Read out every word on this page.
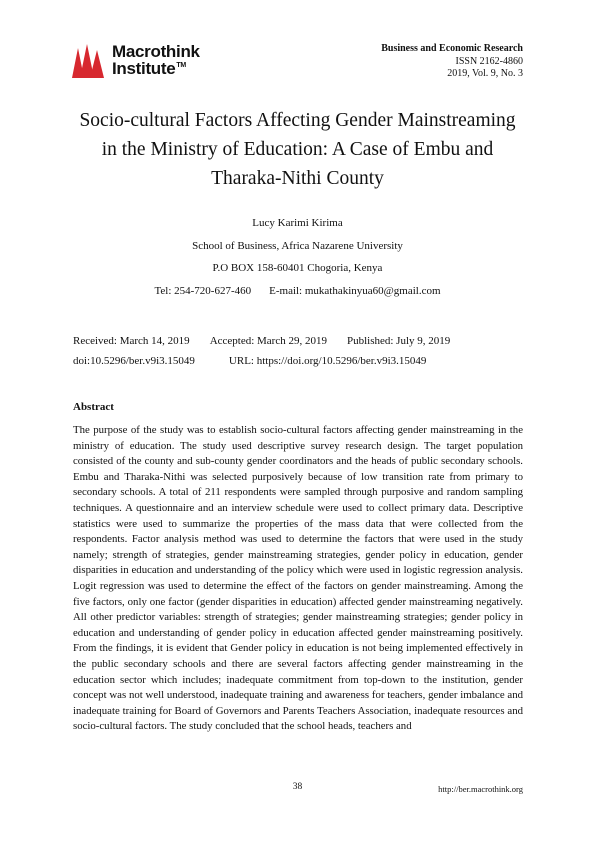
Macrothink
Institute™
Business and Economic Research
ISSN 2162-4860
2019, Vol. 9, No. 3
Socio-cultural Factors Affecting Gender Mainstreaming
in the Ministry of Education: A Case of Embu and
Tharaka-Nithi County
Lucy Karimi Kirima
School of Business, Africa Nazarene University
P.O BOX 158-60401 Chogoria, Kenya
Tel: 254-720-627-460 E-mail: mukathakinyua60@gmail.com
Received: March 14, 2019 Accepted: March 29, 2019 Published: July 9, 2019
doi:10.5296/ber.v9i3.15049	URL: https://doi.org/10.5296/ber.v9i3.15049
Abstract

The purpose of the study was to establish socio-cultural factors affecting gender mainstreaming in the ministry of education. The study used descriptive survey research design. The target population consisted of the county and sub-county gender coordinators and the heads of public secondary schools. Embu and Tharaka-Nithi was selected purposively because of low transition rate from primary to secondary schools. A total of 211 respondents were sampled through purposive and random sampling techniques. A questionnaire and an interview schedule were used to collect primary data. Descriptive statistics were used to summarize the properties of the mass data that were collected from the respondents. Factor analysis method was used to determine the factors that were used in the study namely; strength of strategies, gender mainstreaming strategies, gender policy in education, gender disparities in education and understanding of the policy which were used in logistic regression analysis. Logit regression was used to determine the effect of the factors on gender mainstreaming. Among the five factors, only one factor (gender disparities in education) affected gender mainstreaming negatively. All other predictor variables: strength of strategies; gender mainstreaming strategies; gender policy in education and understanding of gender policy in education affected gender mainstreaming positively. From the findings, it is evident that Gender policy in education is not being implemented effectively in the public secondary schools and there are several factors affecting gender mainstreaming in the education sector which includes; inadequate commitment from top-down to the institution, gender concept was not well understood, inadequate training and awareness for teachers, gender imbalance and inadequate training for Board of Governors and Parents Teachers Association, inadequate resources and socio-cultural factors. The study concluded that the school heads, teachers and

38	http://ber.macrothink.org
